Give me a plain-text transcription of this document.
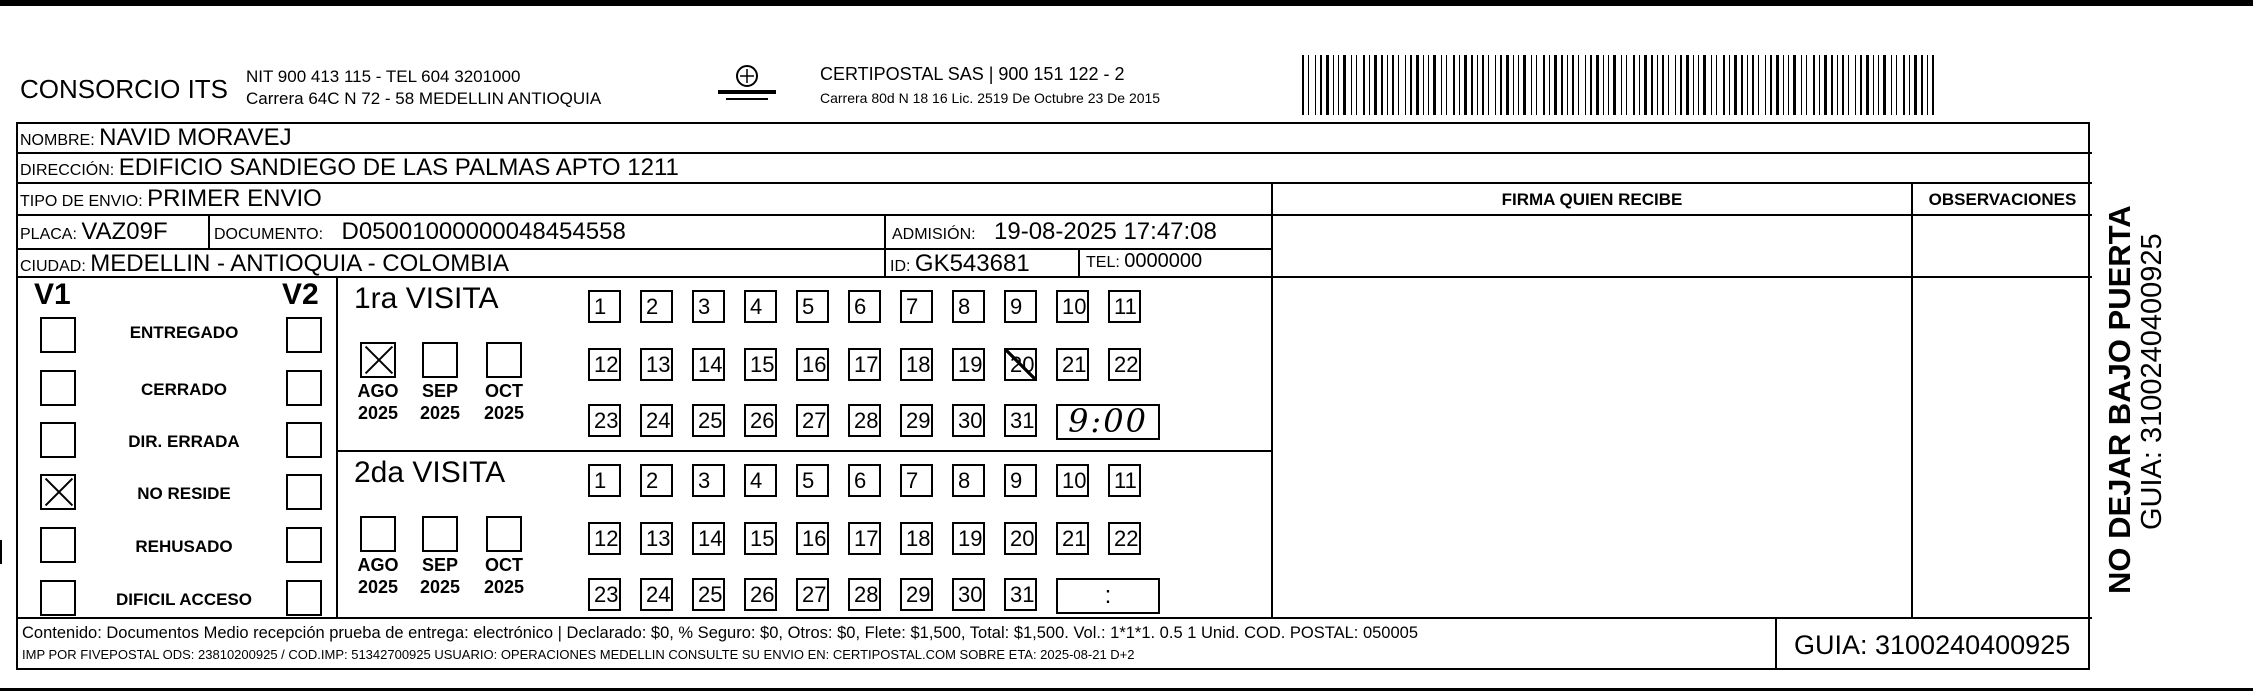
CONSORCIO ITS NIT 900 413 115 - TEL 604 3201000
Carrera 64C N 72 - 58 MEDELLIN ANTIOQUIA
CERTIPOSTAL SAS | 900 151 122 - 2
Carrera 80d N 18 16 Lic. 2519 De Octubre 23 De 2015
NOMBRE: NAVID MORAVEJ
DIRECCIÓN: EDIFICIO SANDIEGO DE LAS PALMAS APTO 1211
TIPO DE ENVIO: PRIMER ENVIO	FIRMA QUIEN RECIBE	OBSERVACIONES
PLACA: VAZ09F	DOCUMENTO: D05001000000048454558	ADMISIÓN: 19-08-2025 17:47:08
CIUDAD: MEDELLIN - ANTIOQUIA - COLOMBIA	ID: GK543681	TEL: 0000000
V1	V2
ENTREGADO
CERRADO
DIR. ERRADA
NO RESIDE
REHUSADO
DIFICIL ACCESO
1ra VISITA
AGO
2025
SEP
2025
OCT
2025
1	2	3	4	5	6	7	8	9	10 11
12 13 14 15 16 17 18 19 20 21 22
23 24 25 26 27 28 29 30 31	9:00
2da VISITA
AGO
2025
SEP
2025
OCT
2025
1	2	3	4	5	6	7	8	9	10 11
12 13 14 15 16 17 18 19 20 21 22
23 24 25 26 27 28 29 30 31	:
Contenido: Documentos Medio recepción prueba de entrega: electrónico | Declarado: $0, % Seguro: $0, Otros: $0, Flete: $1,500, Total: $1,500. Vol.: 1*1*1. 0.5 1 Unid. COD. POSTAL: 050005
IMP POR FIVEPOSTAL ODS: 23810200925 / COD.IMP: 51342700925 USUARIO: OPERACIONES MEDELLIN CONSULTE SU ENVIO EN: CERTIPOSTAL.COM SOBRE ETA: 2025-08-21 D+2	GUIA: 3100240400925
NO DEJAR BAJO PUERTA GUIA: 3100240400925
